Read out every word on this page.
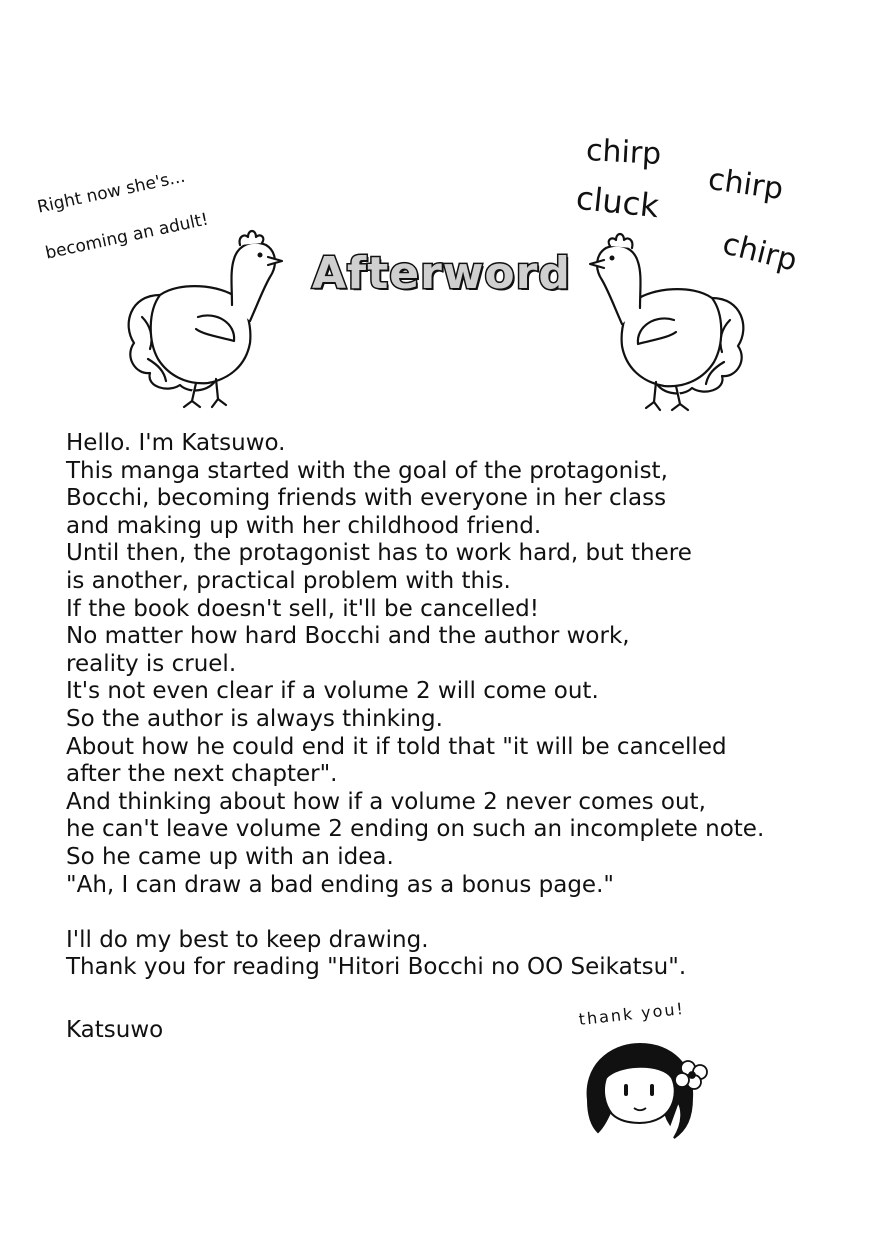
Right now she's...
becoming an adult!
chirp
cluck chirp
chirp
Afterword
Hello. I'm Katsuwo.
This manga started with the goal of the protagonist,
Bocchi, becoming friends with everyone in her class
and making up with her childhood friend.
Until then, the protagonist has to work hard, but there
is another, practical problem with this.
If the book doesn't sell, it'll be cancelled!
No matter how hard Bocchi and the author work,
reality is cruel.
It's not even clear if a volume 2 will come out.
So the author is always thinking.
About how he could end it if told that "it will be cancelled
after the next chapter".
And thinking about how if a volume 2 never comes out,
he can't leave volume 2 ending on such an incomplete note.
So he came up with an idea.
"Ah, I can draw a bad ending as a bonus page."
I'll do my best to keep drawing.
Thank you for reading "Hitori Bocchi no OO Seikatsu".
Katsuwo
thank you!
